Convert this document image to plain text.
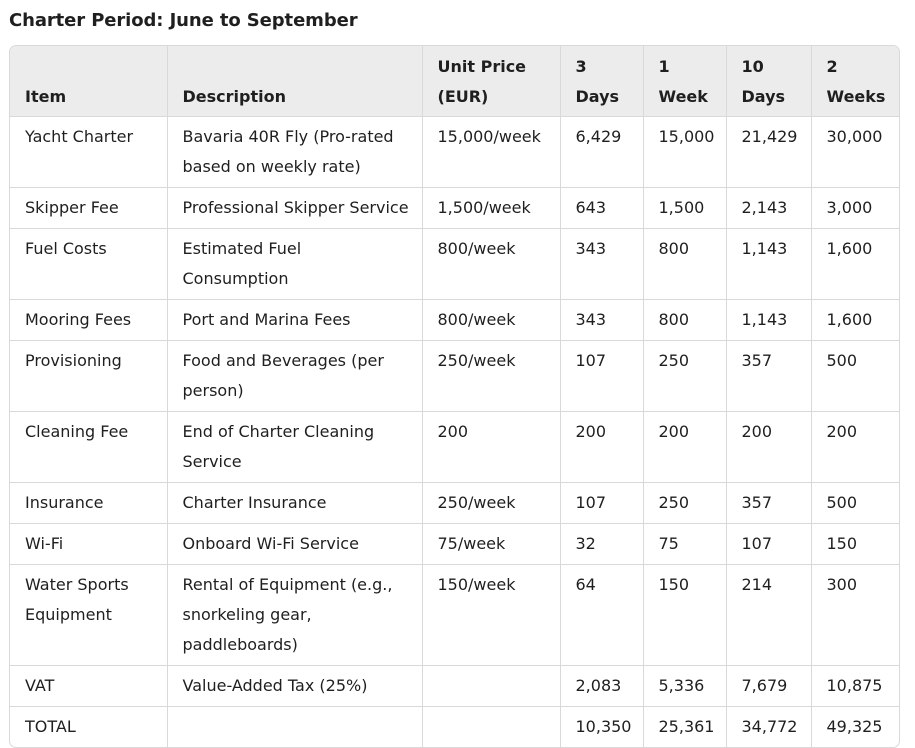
Charter Period: June to September
Item	Description	Unit Price (EUR)	3 Days	1 Week	10 Days	2 Weeks
Yacht Charter	Bavaria 40R Fly (Pro-rated based on weekly rate)	15,000/week	6,429	15,000	21,429	30,000
Skipper Fee	Professional Skipper Service	1,500/week	643	1,500	2,143	3,000
Fuel Costs	Estimated Fuel Consumption	800/week	343	800	1,143	1,600
Mooring Fees	Port and Marina Fees	800/week	343	800	1,143	1,600
Provisioning	Food and Beverages (per person)	250/week	107	250	357	500
Cleaning Fee	End of Charter Cleaning Service	200	200	200	200	200
Insurance	Charter Insurance	250/week	107	250	357	500
Wi-Fi	Onboard Wi-Fi Service	75/week	32	75	107	150
Water Sports Equipment	Rental of Equipment (e.g., snorkeling gear, paddleboards)	150/week	64	150	214	300
VAT	Value-Added Tax (25%)		2,083	5,336	7,679	10,875
TOTAL			10,350	25,361	34,772	49,325
